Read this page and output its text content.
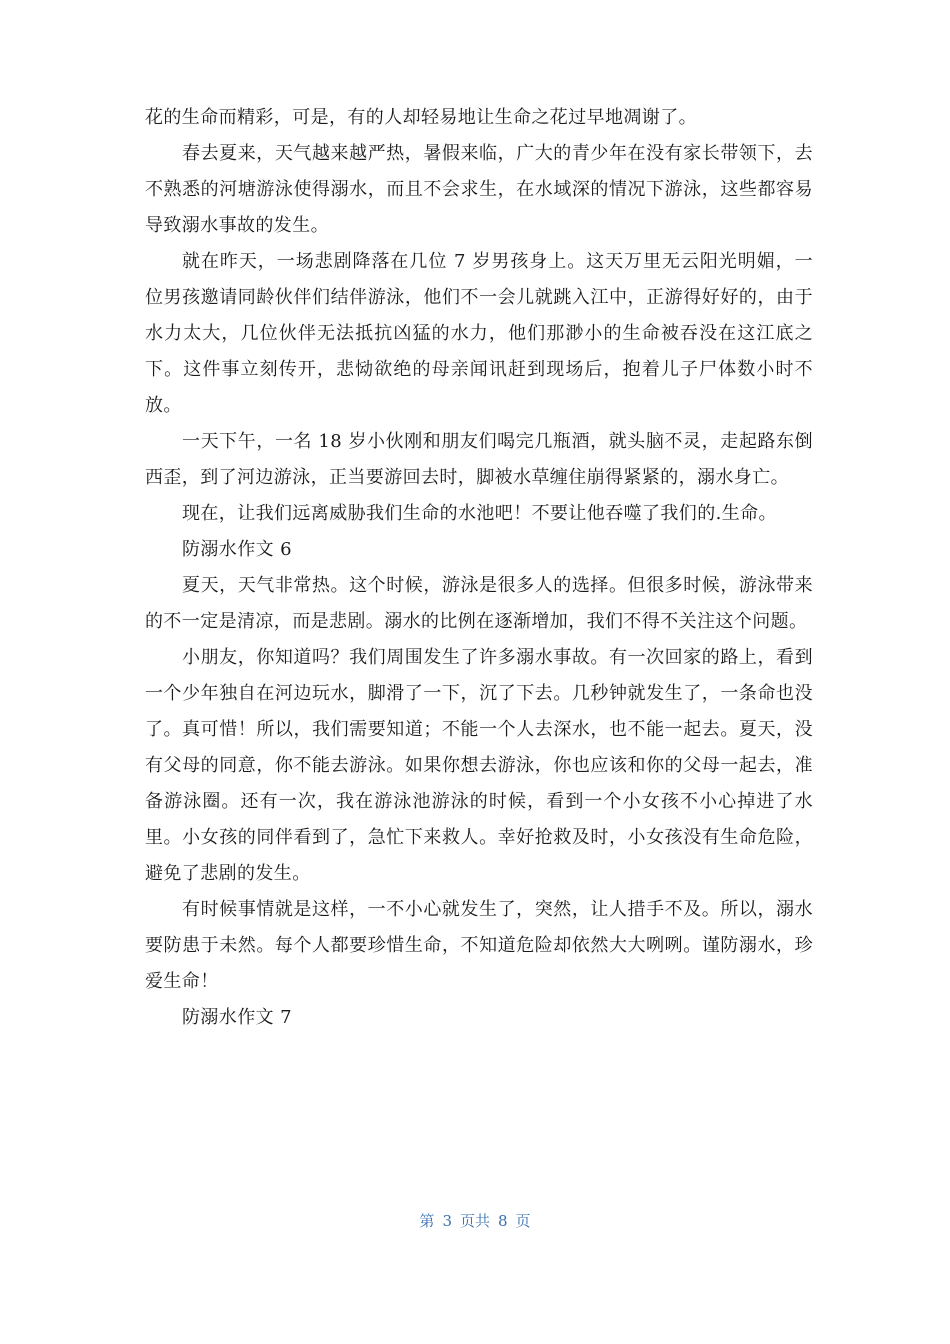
花的生命而精彩，可是，有的人却轻易地让生命之花过早地凋谢了。

春去夏来，天气越来越严热，暑假来临，广大的青少年在没有家长带领下，去不熟悉的河塘游泳使得溺水，而且不会求生，在水域深的情况下游泳，这些都容易导致溺水事故的发生。

就在昨天，一场悲剧降落在几位 7 岁男孩身上。这天万里无云阳光明媚，一位男孩邀请同龄伙伴们结伴游泳，他们不一会儿就跳入江中，正游得好好的，由于水力太大，几位伙伴无法抵抗凶猛的水力，他们那渺小的生命被吞没在这江底之下。这件事立刻传开，悲恸欲绝的母亲闻讯赶到现场后，抱着儿子尸体数小时不放。

一天下午，一名 18 岁小伙刚和朋友们喝完几瓶酒，就头脑不灵，走起路东倒西歪，到了河边游泳，正当要游回去时，脚被水草缠住崩得紧紧的，溺水身亡。

现在，让我们远离威胁我们生命的水池吧！不要让他吞噬了我们的.生命。

防溺水作文 6

夏天，天气非常热。这个时候，游泳是很多人的选择。但很多时候，游泳带来的不一定是清凉，而是悲剧。溺水的比例在逐渐增加，我们不得不关注这个问题。

小朋友，你知道吗？我们周围发生了许多溺水事故。有一次回家的路上，看到一个少年独自在河边玩水，脚滑了一下，沉了下去。几秒钟就发生了，一条命也没了。真可惜！所以，我们需要知道；不能一个人去深水，也不能一起去。夏天，没有父母的同意，你不能去游泳。如果你想去游泳，你也应该和你的父母一起去，准备游泳圈。还有一次，我在游泳池游泳的时候，看到一个小女孩不小心掉进了水里。小女孩的同伴看到了，急忙下来救人。幸好抢救及时，小女孩没有生命危险，避免了悲剧的发生。

有时候事情就是这样，一不小心就发生了，突然，让人措手不及。所以，溺水要防患于未然。每个人都要珍惜生命，不知道危险却依然大大咧咧。谨防溺水，珍爱生命！

防溺水作文 7

第 3 页共 8 页
